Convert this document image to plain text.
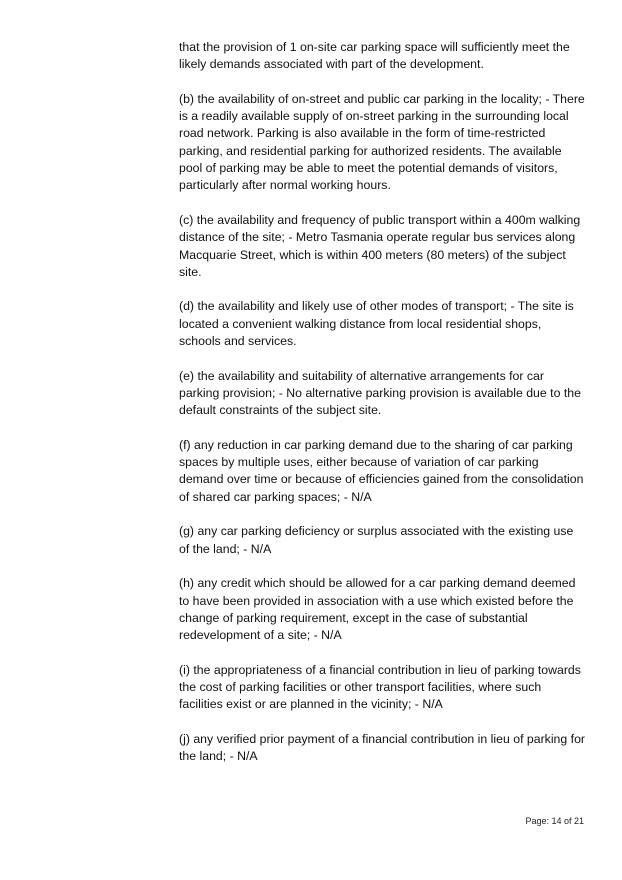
that the provision of 1 on-site car parking space will sufficiently meet the likely demands associated with part of the development.

(b) the availability of on-street and public car parking in the locality; - There is a readily available supply of on-street parking in the surrounding local road network. Parking is also available in the form of time-restricted parking, and residential parking for authorized residents. The available pool of parking may be able to meet the potential demands of visitors, particularly after normal working hours.

(c) the availability and frequency of public transport within a 400m walking distance of the site; - Metro Tasmania operate regular bus services along Macquarie Street, which is within 400 meters (80 meters) of the subject site.

(d) the availability and likely use of other modes of transport; - The site is located a convenient walking distance from local residential shops, schools and services.

(e) the availability and suitability of alternative arrangements for car parking provision; - No alternative parking provision is available due to the default constraints of the subject site.

(f) any reduction in car parking demand due to the sharing of car parking spaces by multiple uses, either because of variation of car parking demand over time or because of efficiencies gained from the consolidation of shared car parking spaces; - N/A

(g) any car parking deficiency or surplus associated with the existing use of the land; - N/A

(h) any credit which should be allowed for a car parking demand deemed to have been provided in association with a use which existed before the change of parking requirement, except in the case of substantial redevelopment of a site; - N/A

(i) the appropriateness of a financial contribution in lieu of parking towards the cost of parking facilities or other transport facilities, where such facilities exist or are planned in the vicinity; - N/A

(j) any verified prior payment of a financial contribution in lieu of parking for the land; - N/A

Page: 14 of 21
